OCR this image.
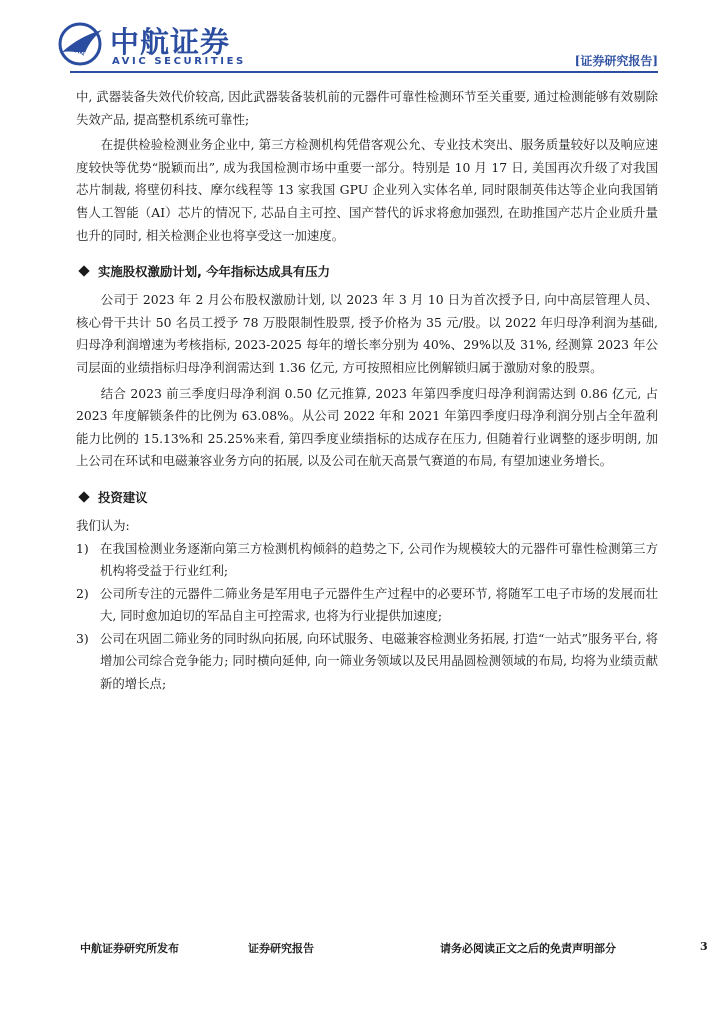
AVIC 中航证券
AVIC SECURITIES	[证券研究报告]

中, 武器装备失效代价较高, 因此武器装备装机前的元器件可靠性检测环节至关重要, 通过检测能够有效剔除失效产品, 提高整机系统可靠性;

在提供检验检测业务企业中, 第三方检测机构凭借客观公允、专业技术突出、服务质量较好以及响应速度较快等优势“脱颖而出”, 成为我国检测市场中重要一部分。特别是 10 月 17 日, 美国再次升级了对我国芯片制裁, 将壁仞科技、摩尔线程等 13 家我国 GPU 企业列入实体名单, 同时限制英伟达等企业向我国销售人工智能（AI）芯片的情况下, 芯品自主可控、国产替代的诉求将愈加强烈, 在助推国产芯片企业质升量也升的同时, 相关检测企业也将享受这一加速度。

实施股权激励计划, 今年指标达成具有压力

公司于 2023 年 2 月公布股权激励计划, 以 2023 年 3 月 10 日为首次授予日, 向中高层管理人员、核心骨干共计 50 名员工授予 78 万股限制性股票, 授予价格为 35 元/股。以 2022 年归母净利润为基础, 归母净利润增速为考核指标, 2023-2025 每年的增长率分别为 40%、29%以及 31%, 经测算 2023 年公司层面的业绩指标归母净利润需达到 1.36 亿元, 方可按照相应比例解锁归属于激励对象的股票。

结合 2023 前三季度归母净利润 0.50 亿元推算, 2023 年第四季度归母净利润需达到 0.86 亿元, 占 2023 年度解锁条件的比例为 63.08%。从公司 2022 年和 2021 年第四季度归母净利润分别占全年盈利能力比例的 15.13%和 25.25%来看, 第四季度业绩指标的达成存在压力, 但随着行业调整的逐步明朗, 加上公司在环试和电磁兼容业务方向的拓展, 以及公司在航天高景气赛道的布局, 有望加速业务增长。

投资建议

我们认为:

1) 在我国检测业务逐渐向第三方检测机构倾斜的趋势之下, 公司作为规模较大的元器件可靠性检测第三方机构将受益于行业红利;
2) 公司所专注的元器件二筛业务是军用电子元器件生产过程中的必要环节, 将随军工电子市场的发展而壮大, 同时愈加迫切的军品自主可控需求, 也将为行业提供加速度;
3) 公司在巩固二筛业务的同时纵向拓展, 向环试服务、电磁兼容检测业务拓展, 打造“一站式”服务平台, 将增加公司综合竞争能力; 同时横向延伸, 向一筛业务领域以及民用晶圆检测领域的布局, 均将为业绩贡献新的增长点;
中航证券研究所发布	证券研究报告	请务必阅读正文之后的免责声明部分	3
